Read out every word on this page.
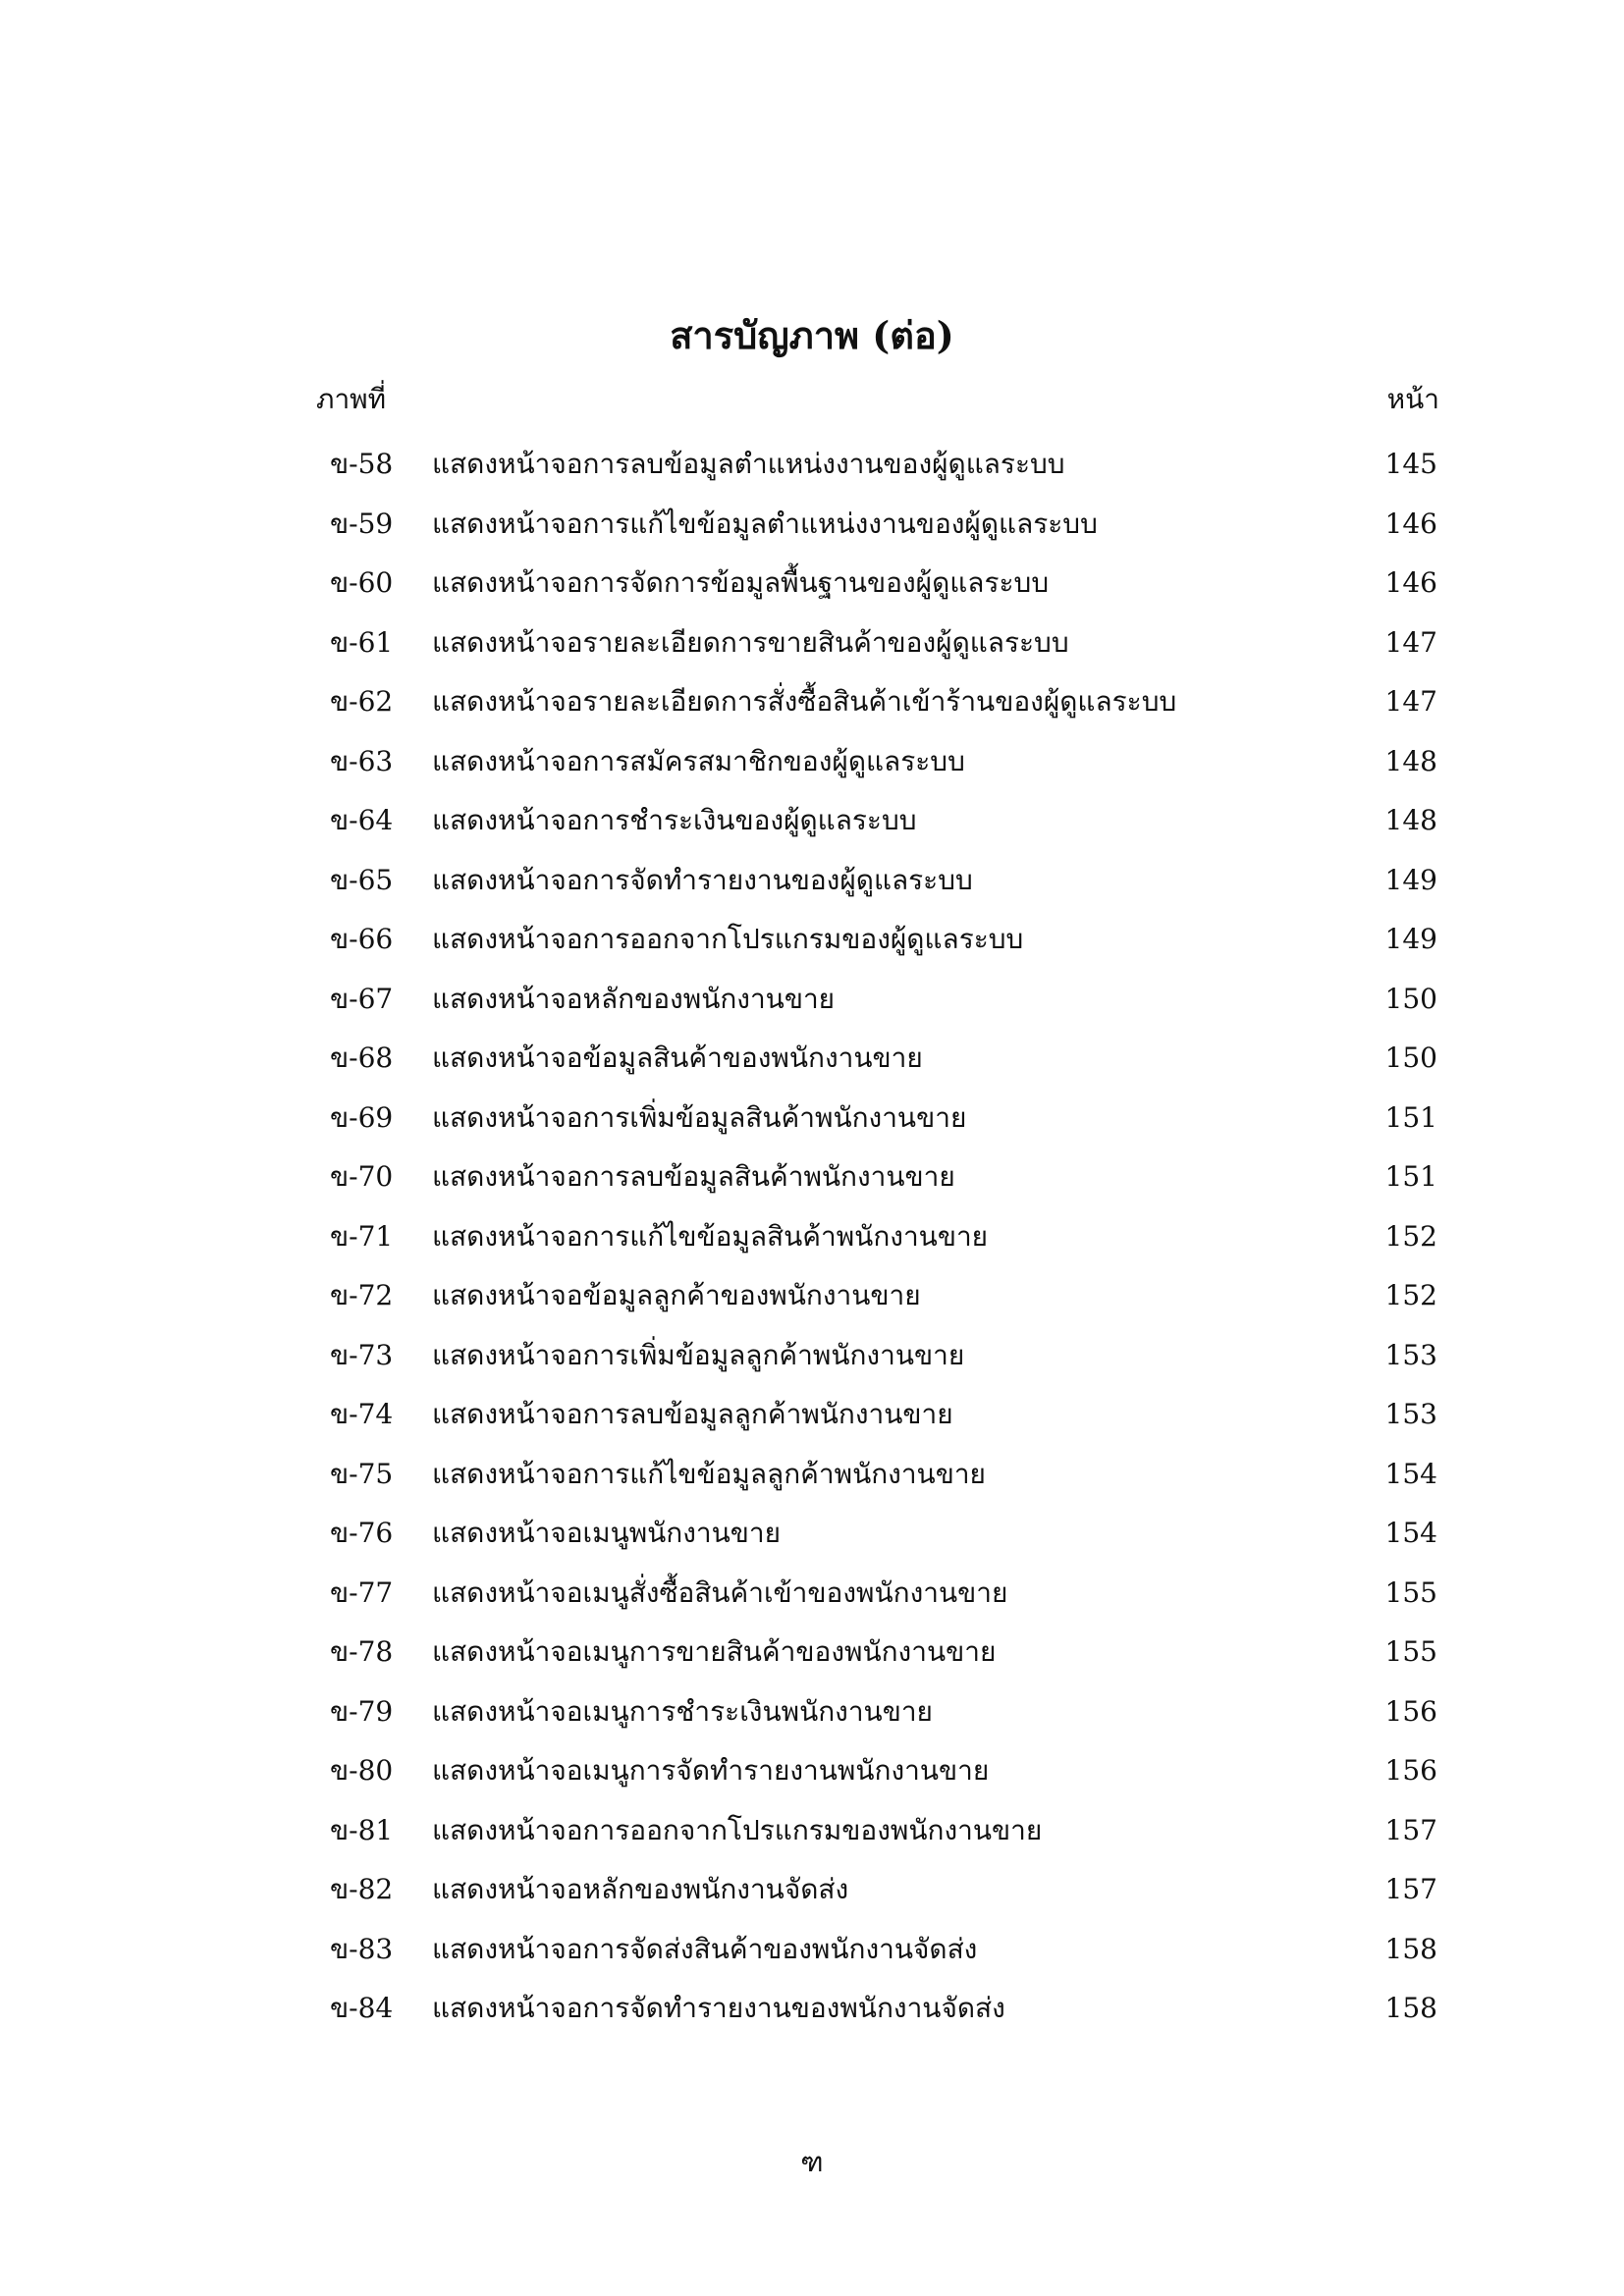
สารบัญภาพ (ต่อ)
ภาพที่	หน้า
ข-58 แสดงหน้าจอการลบข้อมูลตำแหน่งงานของผู้ดูแลระบบ	145
ข-59 แสดงหน้าจอการแก้ไขข้อมูลตำแหน่งงานของผู้ดูแลระบบ	146
ข-60 แสดงหน้าจอการจัดการข้อมูลพื้นฐานของผู้ดูแลระบบ	146
ข-61 แสดงหน้าจอรายละเอียดการขายสินค้าของผู้ดูแลระบบ	147
ข-62 แสดงหน้าจอรายละเอียดการสั่งซื้อสินค้าเข้าร้านของผู้ดูแลระบบ	147
ข-63 แสดงหน้าจอการสมัครสมาชิกของผู้ดูแลระบบ	148
ข-64 แสดงหน้าจอการชำระเงินของผู้ดูแลระบบ	148
ข-65 แสดงหน้าจอการจัดทำรายงานของผู้ดูแลระบบ	149
ข-66 แสดงหน้าจอการออกจากโปรแกรมของผู้ดูแลระบบ	149
ข-67 แสดงหน้าจอหลักของพนักงานขาย	150
ข-68 แสดงหน้าจอข้อมูลสินค้าของพนักงานขาย	150
ข-69 แสดงหน้าจอการเพิ่มข้อมูลสินค้าพนักงานขาย	151
ข-70 แสดงหน้าจอการลบข้อมูลสินค้าพนักงานขาย	151
ข-71 แสดงหน้าจอการแก้ไขข้อมูลสินค้าพนักงานขาย	152
ข-72 แสดงหน้าจอข้อมูลลูกค้าของพนักงานขาย	152
ข-73 แสดงหน้าจอการเพิ่มข้อมูลลูกค้าพนักงานขาย	153
ข-74 แสดงหน้าจอการลบข้อมูลลูกค้าพนักงานขาย	153
ข-75 แสดงหน้าจอการแก้ไขข้อมูลลูกค้าพนักงานขาย	154
ข-76 แสดงหน้าจอเมนูพนักงานขาย	154
ข-77 แสดงหน้าจอเมนูสั่งซื้อสินค้าเข้าของพนักงานขาย	155
ข-78 แสดงหน้าจอเมนูการขายสินค้าของพนักงานขาย	155
ข-79 แสดงหน้าจอเมนูการชำระเงินพนักงานขาย	156
ข-80 แสดงหน้าจอเมนูการจัดทำรายงานพนักงานขาย	156
ข-81 แสดงหน้าจอการออกจากโปรแกรมของพนักงานขาย	157
ข-82 แสดงหน้าจอหลักของพนักงานจัดส่ง	157
ข-83 แสดงหน้าจอการจัดส่งสินค้าของพนักงานจัดส่ง	158
ข-84 แสดงหน้าจอการจัดทำรายงานของพนักงานจัดส่ง	158
ฑ
